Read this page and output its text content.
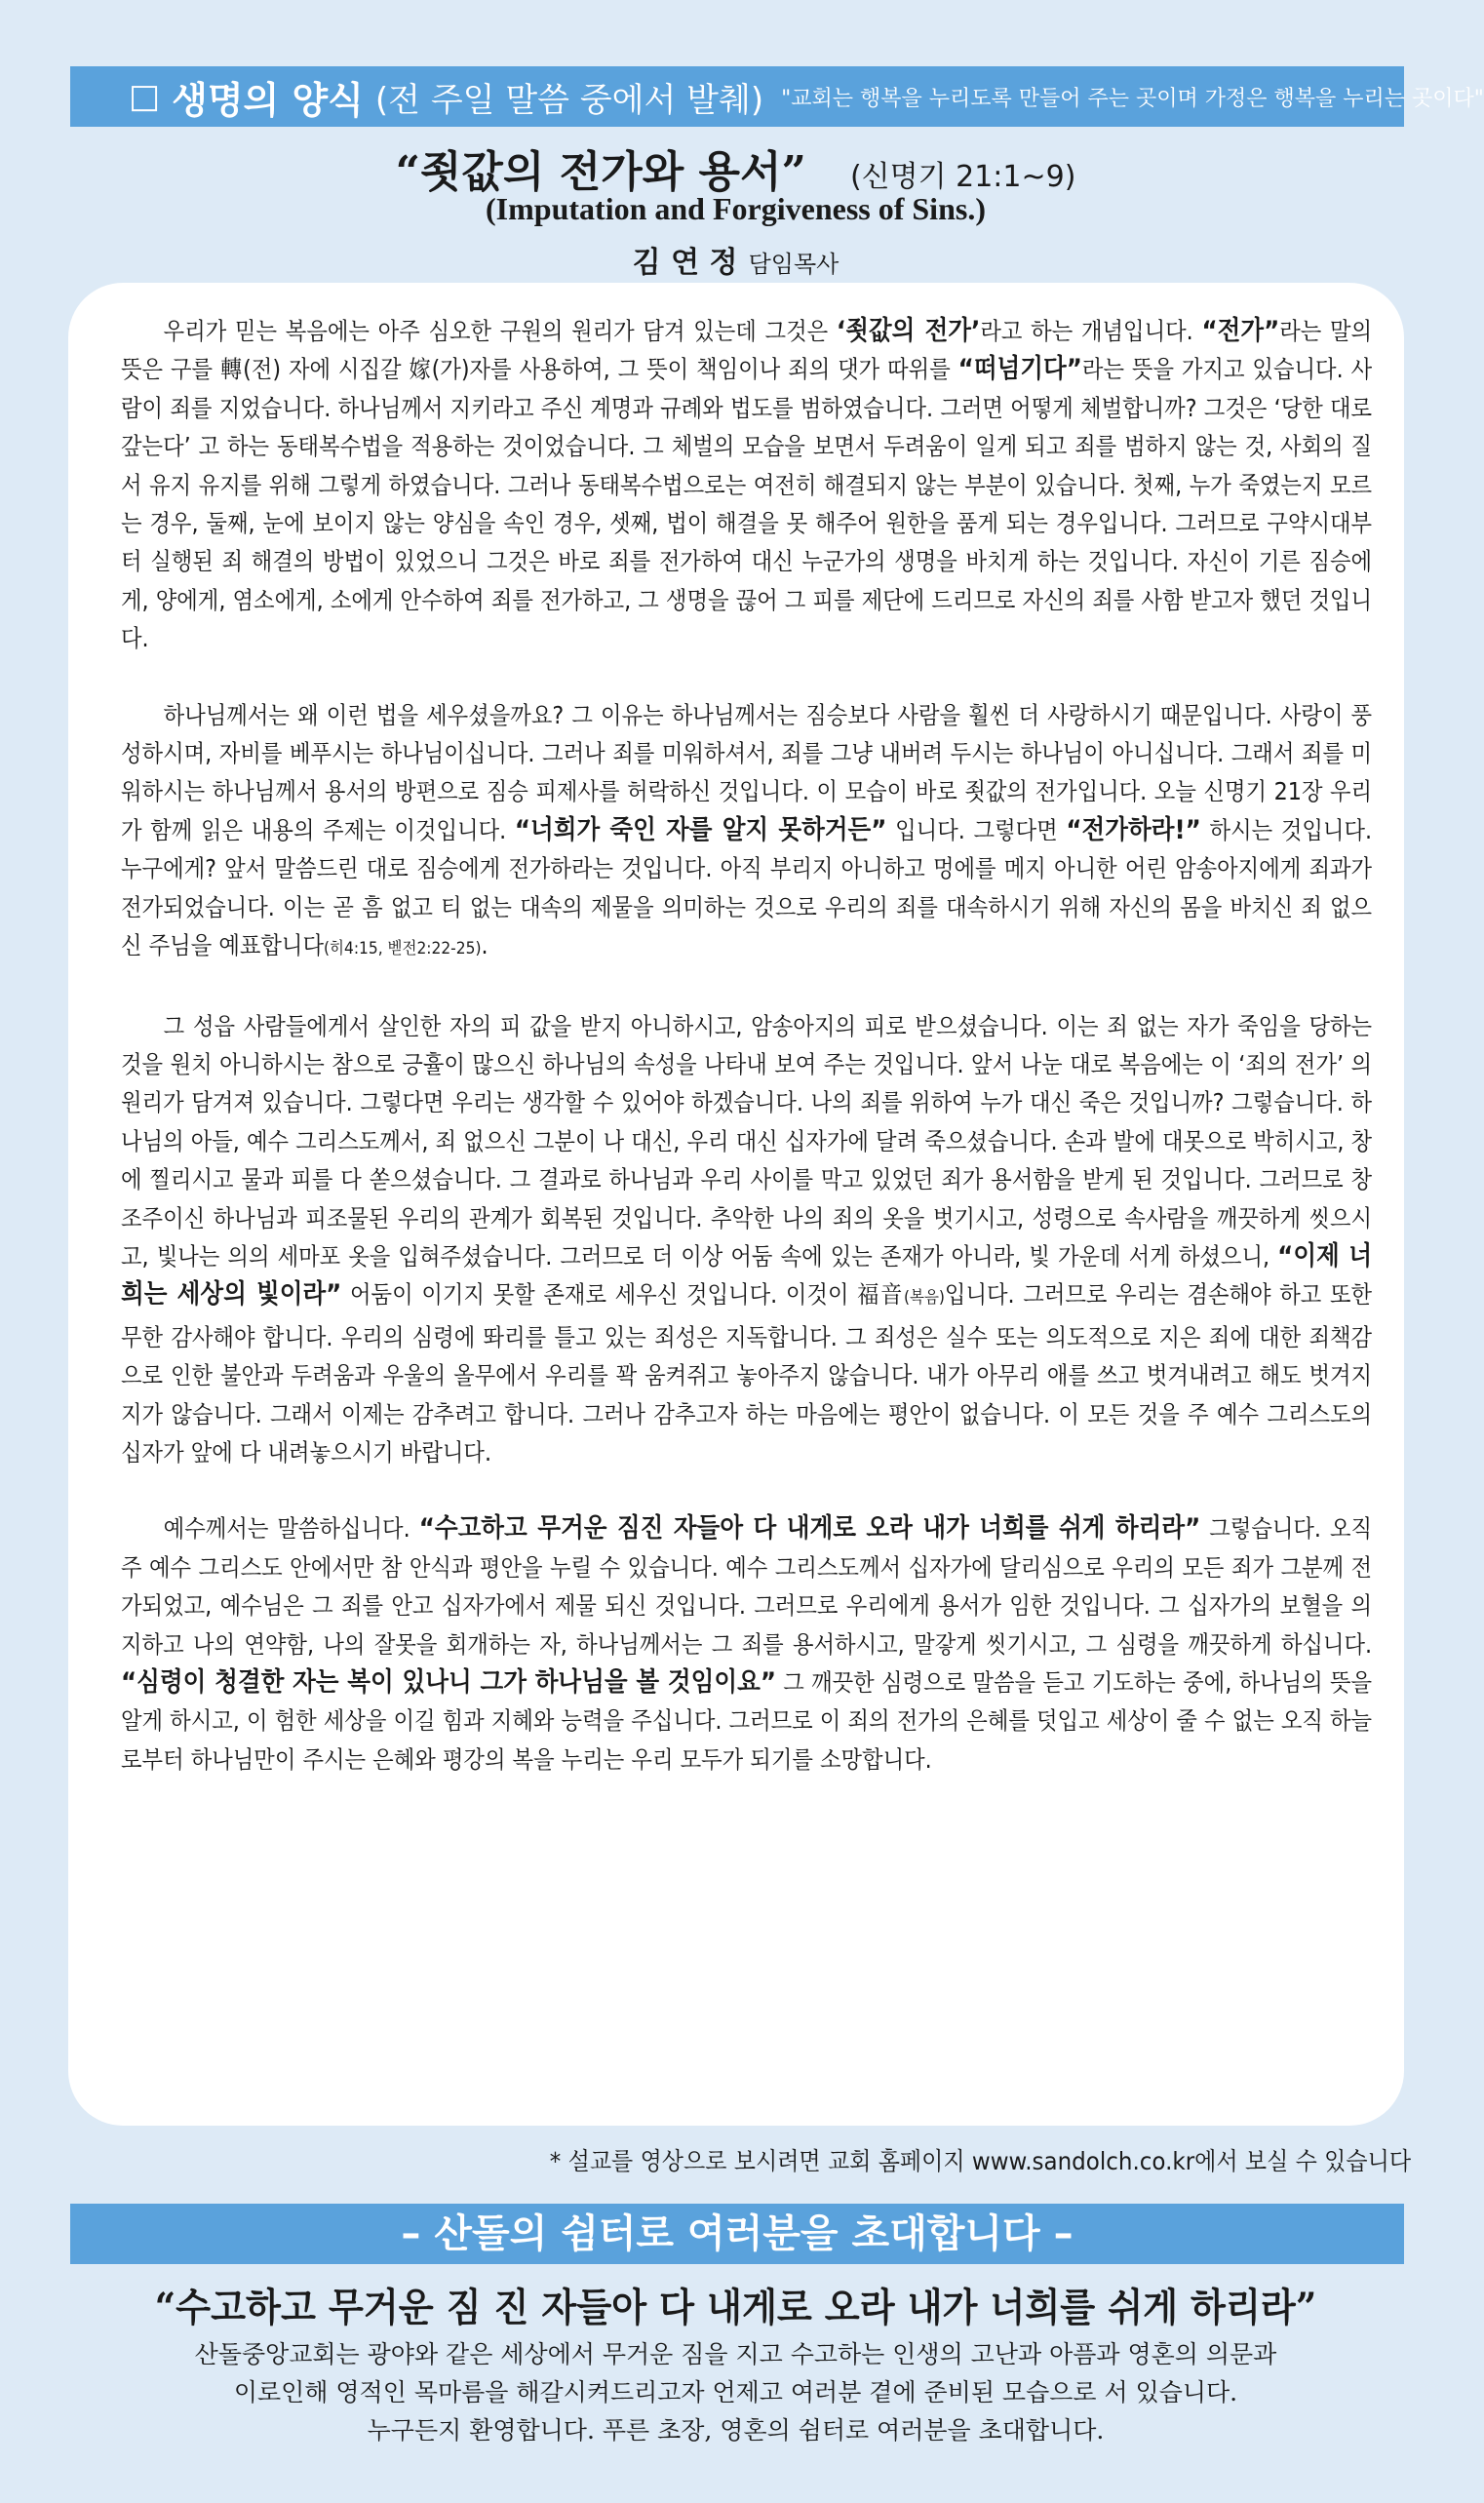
□ 생명의 양식 (전 주일 말씀 중에서 발췌) "교회는 행복을 누리도록 만들어 주는 곳이며 가정은 행복을 누리는 곳이다"
“죗값의 전가와 용서” (신명기 21:1~9)
(Imputation and Forgiveness of Sins.)
김 연 정 담임목사

우리가 믿는 복음에는 아주 심오한 구원의 원리가 담겨 있는데 그것은 ‘죗값의 전가’라고 하는 개념입니다. “전가”라는 말의 뜻은 구를 轉(전) 자에 시집갈 嫁(가)자를 사용하여, 그 뜻이 책임이나 죄의 댓가 따위를 “떠넘기다”라는 뜻을 가지고 있습니다. 사람이 죄를 지었습니다. 하나님께서 지키라고 주신 계명과 규례와 법도를 범하였습니다. 그러면 어떻게 체벌합니까? 그것은 ‘당한 대로 갚는다’ 고 하는 동태복수법을 적용하는 것이었습니다. 그 체벌의 모습을 보면서 두려움이 일게 되고 죄를 범하지 않는 것, 사회의 질서 유지 유지를 위해 그렇게 하였습니다. 그러나 동태복수법으로는 여전히 해결되지 않는 부분이 있습니다. 첫째, 누가 죽였는지 모르는 경우, 둘째, 눈에 보이지 않는 양심을 속인 경우, 셋째, 법이 해결을 못 해주어 원한을 품게 되는 경우입니다. 그러므로 구약시대부터 실행된 죄 해결의 방법이 있었으니 그것은 바로 죄를 전가하여 대신 누군가의 생명을 바치게 하는 것입니다. 자신이 기른 짐승에게, 양에게, 염소에게, 소에게 안수하여 죄를 전가하고, 그 생명을 끊어 그 피를 제단에 드리므로 자신의 죄를 사함 받고자 했던 것입니다.

하나님께서는 왜 이런 법을 세우셨을까요? 그 이유는 하나님께서는 짐승보다 사람을 훨씬 더 사랑하시기 때문입니다. 사랑이 풍성하시며, 자비를 베푸시는 하나님이십니다. 그러나 죄를 미워하셔서, 죄를 그냥 내버려 두시는 하나님이 아니십니다. 그래서 죄를 미워하시는 하나님께서 용서의 방편으로 짐승 피제사를 허락하신 것입니다. 이 모습이 바로 죗값의 전가입니다. 오늘 신명기 21장 우리가 함께 읽은 내용의 주제는 이것입니다. “너희가 죽인 자를 알지 못하거든” 입니다. 그렇다면 “전가하라!” 하시는 것입니다. 누구에게? 앞서 말씀드린 대로 짐승에게 전가하라는 것입니다. 아직 부리지 아니하고 멍에를 메지 아니한 어린 암송아지에게 죄과가 전가되었습니다. 이는 곧 흠 없고 티 없는 대속의 제물을 의미하는 것으로 우리의 죄를 대속하시기 위해 자신의 몸을 바치신 죄 없으신 주님을 예표합니다(히4:15, 벧전2:22-25).

그 성읍 사람들에게서 살인한 자의 피 값을 받지 아니하시고, 암송아지의 피로 받으셨습니다. 이는 죄 없는 자가 죽임을 당하는 것을 원치 아니하시는 참으로 긍휼이 많으신 하나님의 속성을 나타내 보여 주는 것입니다. 앞서 나눈 대로 복음에는 이 ‘죄의 전가’ 의 원리가 담겨져 있습니다. 그렇다면 우리는 생각할 수 있어야 하겠습니다. 나의 죄를 위하여 누가 대신 죽은 것입니까? 그렇습니다. 하나님의 아들, 예수 그리스도께서, 죄 없으신 그분이 나 대신, 우리 대신 십자가에 달려 죽으셨습니다. 손과 발에 대못으로 박히시고, 창에 찔리시고 물과 피를 다 쏟으셨습니다. 그 결과로 하나님과 우리 사이를 막고 있었던 죄가 용서함을 받게 된 것입니다. 그러므로 창조주이신 하나님과 피조물된 우리의 관계가 회복된 것입니다. 추악한 나의 죄의 옷을 벗기시고, 성령으로 속사람을 깨끗하게 씻으시고, 빛나는 의의 세마포 옷을 입혀주셨습니다. 그러므로 더 이상 어둠 속에 있는 존재가 아니라, 빛 가운데 서게 하셨으니, “이제 너희는 세상의 빛이라” 어둠이 이기지 못할 존재로 세우신 것입니다. 이것이 福音(복음)입니다. 그러므로 우리는 겸손해야 하고 또한 무한 감사해야 합니다. 우리의 심령에 똬리를 틀고 있는 죄성은 지독합니다. 그 죄성은 실수 또는 의도적으로 지은 죄에 대한 죄책감으로 인한 불안과 두려움과 우울의 올무에서 우리를 꽉 움켜쥐고 놓아주지 않습니다. 내가 아무리 애를 쓰고 벗겨내려고 해도 벗겨지지가 않습니다. 그래서 이제는 감추려고 합니다. 그러나 감추고자 하는 마음에는 평안이 없습니다. 이 모든 것을 주 예수 그리스도의 십자가 앞에 다 내려놓으시기 바랍니다.

예수께서는 말씀하십니다. “수고하고 무거운 짐진 자들아 다 내게로 오라 내가 너희를 쉬게 하리라” 그렇습니다. 오직 주 예수 그리스도 안에서만 참 안식과 평안을 누릴 수 있습니다. 예수 그리스도께서 십자가에 달리심으로 우리의 모든 죄가 그분께 전가되었고, 예수님은 그 죄를 안고 십자가에서 제물 되신 것입니다. 그러므로 우리에게 용서가 임한 것입니다. 그 십자가의 보혈을 의지하고 나의 연약함, 나의 잘못을 회개하는 자, 하나님께서는 그 죄를 용서하시고, 말갛게 씻기시고, 그 심령을 깨끗하게 하십니다. “심령이 청결한 자는 복이 있나니 그가 하나님을 볼 것임이요” 그 깨끗한 심령으로 말씀을 듣고 기도하는 중에, 하나님의 뜻을 알게 하시고, 이 험한 세상을 이길 힘과 지혜와 능력을 주십니다. 그러므로 이 죄의 전가의 은혜를 덧입고 세상이 줄 수 없는 오직 하늘로부터 하나님만이 주시는 은혜와 평강의 복을 누리는 우리 모두가 되기를 소망합니다.

* 설교를 영상으로 보시려면 교회 홈페이지 www.sandolch.co.kr에서 보실 수 있습니다
– 산돌의 쉼터로 여러분을 초대합니다 –
“수고하고 무거운 짐 진 자들아 다 내게로 오라 내가 너희를 쉬게 하리라”
산돌중앙교회는 광야와 같은 세상에서 무거운 짐을 지고 수고하는 인생의 고난과 아픔과 영혼의 의문과
이로인해 영적인 목마름을 해갈시켜드리고자 언제고 여러분 곁에 준비된 모습으로 서 있습니다.
누구든지 환영합니다. 푸른 초장, 영혼의 쉼터로 여러분을 초대합니다.
